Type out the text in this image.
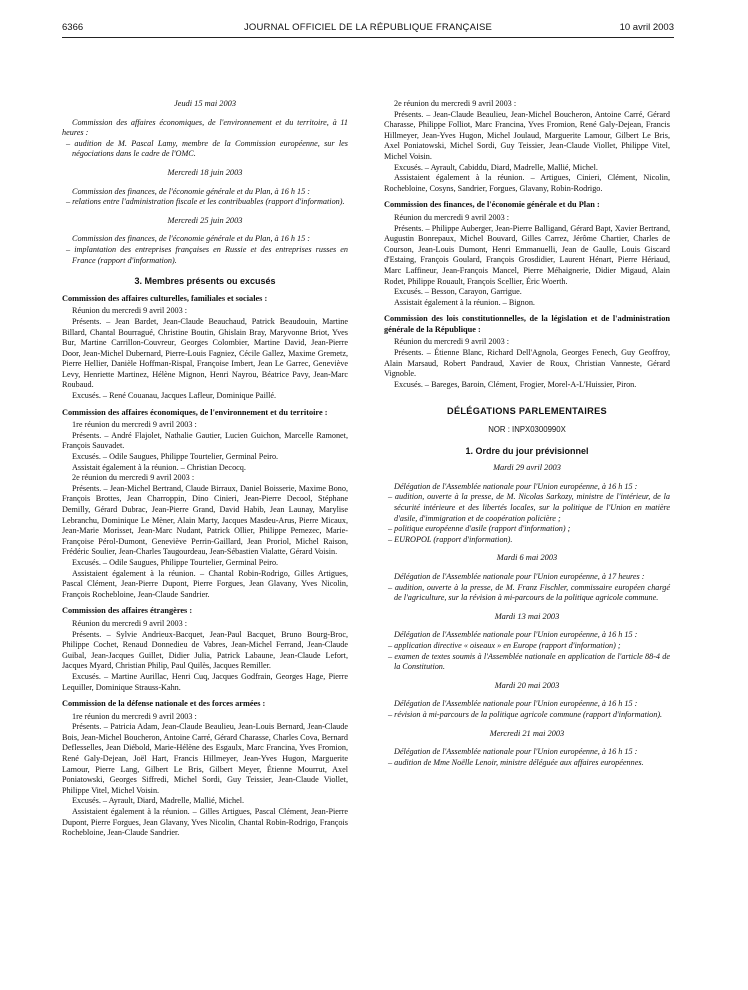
6366	JOURNAL OFFICIEL DE LA RÉPUBLIQUE FRANÇAISE	10 avril 2003
Jeudi 15 mai 2003

Commission des affaires économiques, de l'environnement et du territoire, à 11 heures :

– audition de M. Pascal Lamy, membre de la Commission européenne, sur les négociations dans le cadre de l'OMC.

Mercredi 18 juin 2003

Commission des finances, de l'économie générale et du Plan, à 16 h 15 :

– relations entre l'administration fiscale et les contribuables (rapport d'information).

Mercredi 25 juin 2003

Commission des finances, de l'économie générale et du Plan, à 16 h 15 :

– implantation des entreprises françaises en Russie et des entreprises russes en France (rapport d'information).

3. Membres présents ou excusés

Commission des affaires culturelles, familiales et sociales :

Réunion du mercredi 9 avril 2003 :

Présents. – Jean Bardet, Jean-Claude Beauchaud, Patrick Beaudouin, Martine Billard, Chantal Bourragué, Christine Boutin, Ghislain Bray, Maryvonne Briot, Yves Bur, Martine Carrillon-Couvreur, Georges Colombier, Martine David, Jean-Pierre Door, Jean-Michel Dubernard, Pierre-Louis Fagniez, Cécile Gallez, Maxime Gremetz, Pierre Hellier, Danièle Hoffman-Rispal, Françoise Imbert, Jean Le Garrec, Geneviève Levy, Henriette Martinez, Hélène Mignon, Henri Nayrou, Béatrice Pavy, Jean-Marc Roubaud.

Excusés. – René Couanau, Jacques Lafleur, Dominique Paillé.

Commission des affaires économiques, de l'environnement et du territoire :

1re réunion du mercredi 9 avril 2003 :

Présents. – André Flajolet, Nathalie Gautier, Lucien Guichon, Marcelle Ramonet, François Sauvadet.

Excusés. – Odile Saugues, Philippe Tourtelier, Germinal Peiro.

Assistait également à la réunion. – Christian Decocq.

2e réunion du mercredi 9 avril 2003 :

Présents. – Jean-Michel Bertrand, Claude Birraux, Daniel Boisserie, Maxime Bono, François Brottes, Jean Charroppin, Dino Cinieri, Jean-Pierre Decool, Stéphane Demilly, Gérard Dubrac, Jean-Pierre Grand, David Habib, Jean Launay, Marylise Lebranchu, Dominique Le Mèner, Alain Marty, Jacques Masdeu-Arus, Pierre Micaux, Jean-Marie Morisset, Jean-Marc Nudant, Patrick Ollier, Philippe Pemezec, Marie-Françoise Pérol-Dumont, Geneviève Perrin-Gaillard, Jean Proriol, Michel Raison, Frédéric Soulier, Jean-Charles Taugourdeau, Jean-Sébastien Vialatte, Gérard Voisin.

Excusés. – Odile Saugues, Philippe Tourtelier, Germinal Peiro.

Assistaient également à la réunion. – Chantal Robin-Rodrigo, Gilles Artigues, Pascal Clément, Jean-Pierre Dupont, Pierre Forgues, Jean Glavany, Yves Nicolin, François Rochebloine, Jean-Claude Sandrier.

Commission des affaires étrangères :

Réunion du mercredi 9 avril 2003 :

Présents. – Sylvie Andrieux-Bacquet, Jean-Paul Bacquet, Bruno Bourg-Broc, Philippe Cochet, Renaud Donnedieu de Vabres, Jean-Michel Ferrand, Jean-Claude Guibal, Jean-Jacques Guillet, Didier Julia, Patrick Labaune, Jean-Claude Lefort, Jacques Myard, Christian Philip, Paul Quilès, Jacques Remiller.

Excusés. – Martine Aurillac, Henri Cuq, Jacques Godfrain, Georges Hage, Pierre Lequiller, Dominique Strauss-Kahn.

Commission de la défense nationale et des forces armées :

1re réunion du mercredi 9 avril 2003 :

Présents. – Patricia Adam, Jean-Claude Beaulieu, Jean-Louis Bernard, Jean-Claude Bois, Jean-Michel Boucheron, Antoine Carré, Gérard Charasse, Charles Cova, Bernard Deflesselles, Jean Diébold, Marie-Hélène des Esgaulx, Marc Francina, Yves Fromion, René Galy-Dejean, Joël Hart, Francis Hillmeyer, Jean-Yves Hugon, Marguerite Lamour, Pierre Lang, Gilbert Le Bris, Gilbert Meyer, Étienne Mourrut, Axel Poniatowski, Georges Siffredi, Michel Sordi, Guy Teissier, Jean-Claude Viollet, Philippe Vitel, Michel Voisin.

Excusés. – Ayrault, Diard, Madrelle, Mallié, Michel.

Assistaient également à la réunion. – Gilles Artigues, Pascal Clément, Jean-Pierre Dupont, Pierre Forgues, Jean Glavany, Yves Nicolin, Chantal Robin-Rodrigo, François Rochebloine, Jean-Claude Sandrier.

2e réunion du mercredi 9 avril 2003 :

Présents. – Jean-Claude Beaulieu, Jean-Michel Boucheron, Antoine Carré, Gérard Charasse, Philippe Folliot, Marc Francina, Yves Fromion, René Galy-Dejean, Francis Hillmeyer, Jean-Yves Hugon, Michel Joulaud, Marguerite Lamour, Gilbert Le Bris, Axel Poniatowski, Michel Sordi, Guy Teissier, Jean-Claude Viollet, Philippe Vitel, Michel Voisin.

Excusés. – Ayrault, Cabiddu, Diard, Madrelle, Mallié, Michel.

Assistaient également à la réunion. – Artigues, Cinieri, Clément, Nicolin, Rochebloine, Cosyns, Sandrier, Forgues, Glavany, Robin-Rodrigo.

Commission des finances, de l'économie générale et du Plan :

Réunion du mercredi 9 avril 2003 :

Présents. – Philippe Auberger, Jean-Pierre Balligand, Gérard Bapt, Xavier Bertrand, Augustin Bonrepaux, Michel Bouvard, Gilles Carrez, Jérôme Chartier, Charles de Courson, Jean-Louis Dumont, Henri Emmanuelli, Jean de Gaulle, Louis Giscard d'Estaing, François Goulard, François Grosdidier, Laurent Hénart, Pierre Hériaud, Marc Laffineur, Jean-François Mancel, Pierre Méhaignerie, Didier Migaud, Alain Rodet, Philippe Rouault, François Scellier, Éric Woerth.

Excusés. – Besson, Carayon, Garrigue.

Assistait également à la réunion. – Bignon.

Commission des lois constitutionnelles, de la législation et de l'administration générale de la République :

Réunion du mercredi 9 avril 2003 :

Présents. – Étienne Blanc, Richard Dell'Agnola, Georges Fenech, Guy Geoffroy, Alain Marsaud, Robert Pandraud, Xavier de Roux, Christian Vanneste, Gérard Vignoble.

Excusés. – Bareges, Baroin, Clément, Frogier, Morel-A-L'Huissier, Piron.

DÉLÉGATIONS PARLEMENTAIRES
NOR : INPX0300990X
1. Ordre du jour prévisionnel
Mardi 29 avril 2003

Délégation de l'Assemblée nationale pour l'Union européenne, à 16 h 15 :

– audition, ouverte à la presse, de M. Nicolas Sarkozy, ministre de l'intérieur, de la sécurité intérieure et des libertés locales, sur la politique de l'Union en matière d'asile, d'immigration et de coopération policière ;

– politique européenne d'asile (rapport d'information) ;

– EUROPOL (rapport d'information).

Mardi 6 mai 2003

Délégation de l'Assemblée nationale pour l'Union européenne, à 17 heures :

– audition, ouverte à la presse, de M. Franz Fischler, commissaire européen chargé de l'agriculture, sur la révision à mi-parcours de la politique agricole commune.

Mardi 13 mai 2003

Délégation de l'Assemblée nationale pour l'Union européenne, à 16 h 15 :

– application directive « oiseaux » en Europe (rapport d'information) ;

– examen de textes soumis à l'Assemblée nationale en application de l'article 88-4 de la Constitution.

Mardi 20 mai 2003

Délégation de l'Assemblée nationale pour l'Union européenne, à 16 h 15 :

– révision à mi-parcours de la politique agricole commune (rapport d'information).

Mercredi 21 mai 2003

Délégation de l'Assemblée nationale pour l'Union européenne, à 16 h 15 :

– audition de Mme Noëlle Lenoir, ministre déléguée aux affaires européennes.
